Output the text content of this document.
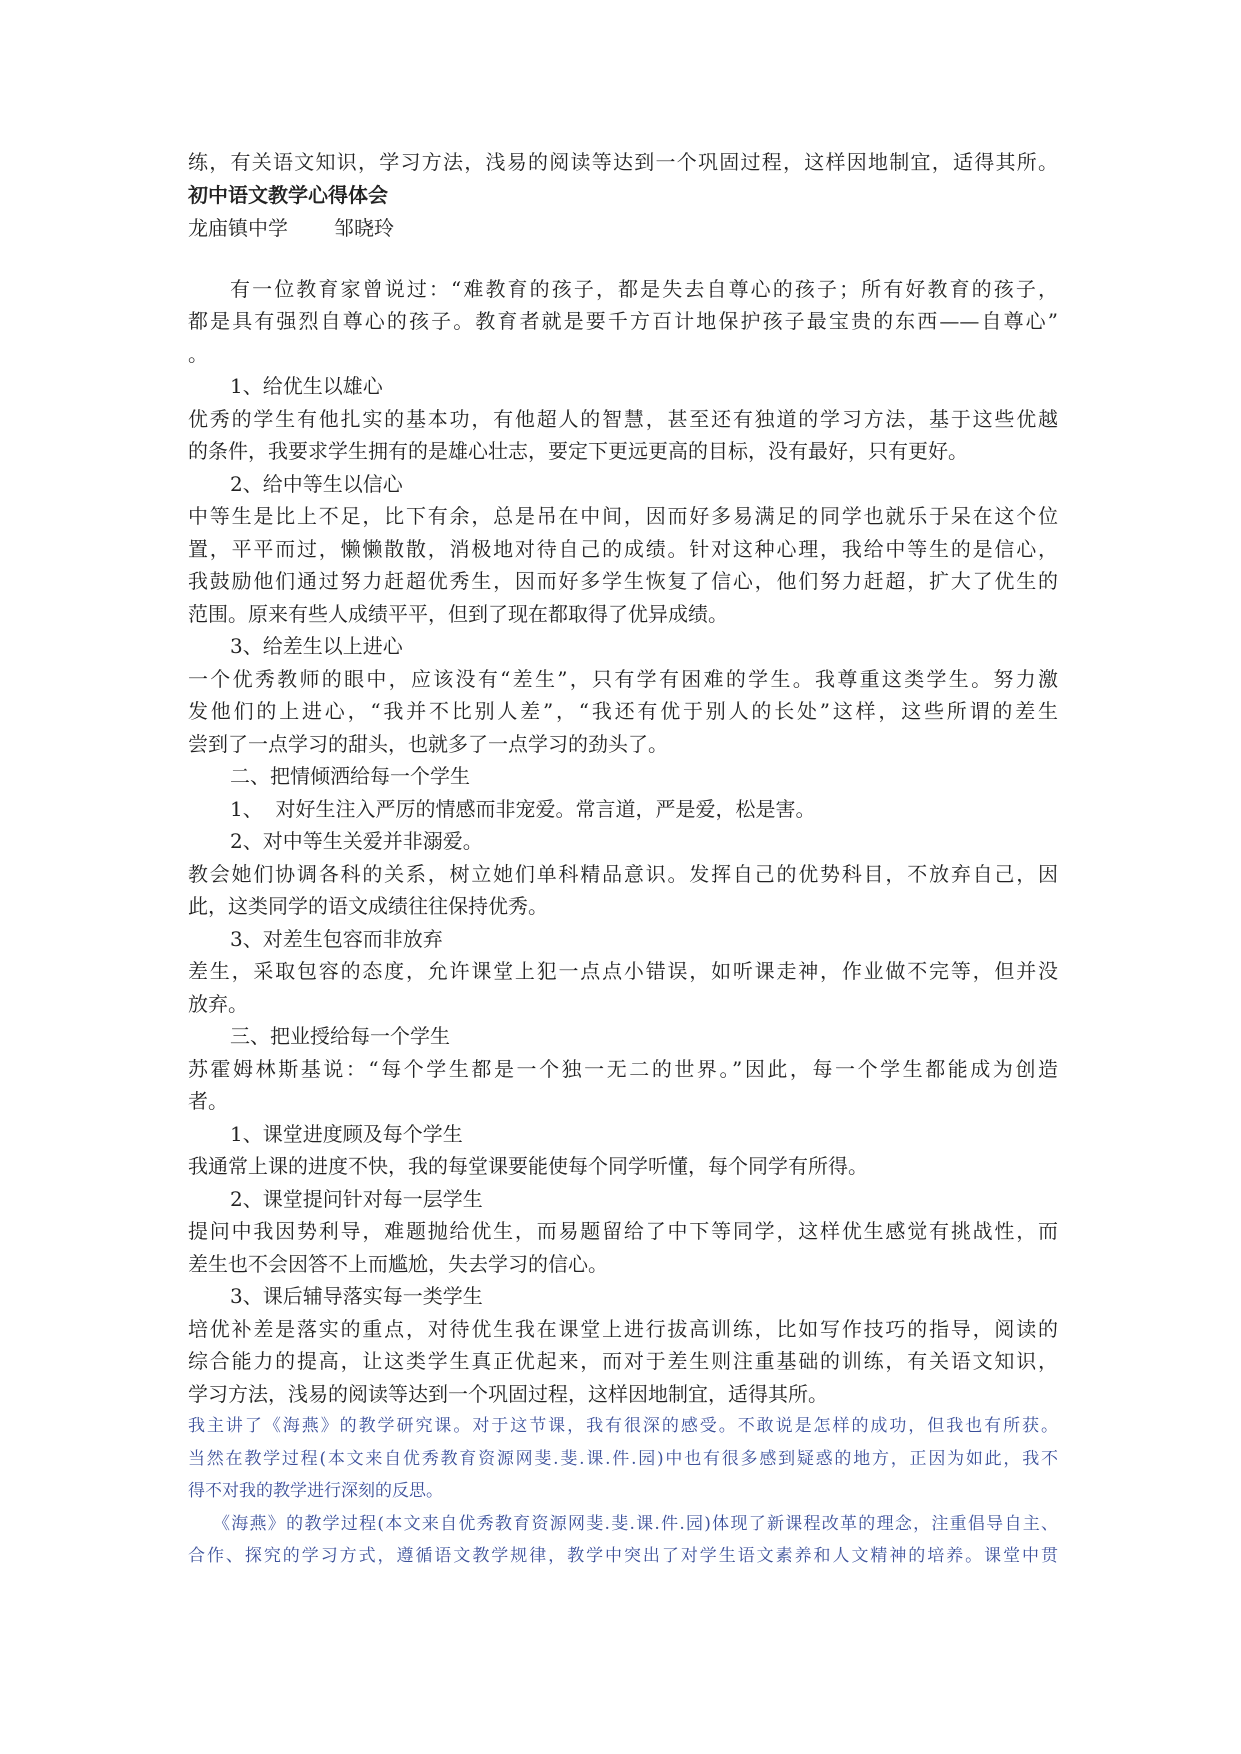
练，有关语文知识，学习方法，浅易的阅读等达到一个巩固过程，这样因地制宜，适得其所。
初中语文教学心得体会
龙庙镇中学 邹晓玲
有一位教育家曾说过：“难教育的孩子，都是失去自尊心的孩子；所有好教育的孩子，
都是具有强烈自尊心的孩子。教育者就是要千方百计地保护孩子最宝贵的东西——自尊心”
。
1、给优生以雄心
优秀的学生有他扎实的基本功，有他超人的智慧，甚至还有独道的学习方法，基于这些优越
的条件，我要求学生拥有的是雄心壮志，要定下更远更高的目标，没有最好，只有更好。
2、给中等生以信心
中等生是比上不足，比下有余，总是吊在中间，因而好多易满足的同学也就乐于呆在这个位
置，平平而过，懒懒散散，消极地对待自己的成绩。针对这种心理，我给中等生的是信心，
我鼓励他们通过努力赶超优秀生，因而好多学生恢复了信心，他们努力赶超，扩大了优生的
范围。原来有些人成绩平平，但到了现在都取得了优异成绩。
3、给差生以上进心
一个优秀教师的眼中，应该没有“差生”，只有学有困难的学生。我尊重这类学生。努力激
发他们的上进心，“我并不比别人差”，“我还有优于别人的长处”这样，这些所谓的差生
尝到了一点学习的甜头，也就多了一点学习的劲头了。
二、把情倾洒给每一个学生
1、  对好生注入严厉的情感而非宠爱。常言道，严是爱，松是害。
2、对中等生关爱并非溺爱。
教会她们协调各科的关系，树立她们单科精品意识。发挥自己的优势科目，不放弃自己，因
此，这类同学的语文成绩往往保持优秀。
3、对差生包容而非放弃
差生，采取包容的态度，允许课堂上犯一点点小错误，如听课走神，作业做不完等，但并没
放弃。
三、把业授给每一个学生
苏霍姆林斯基说：“每个学生都是一个独一无二的世界。”因此，每一个学生都能成为创造
者。
1、课堂进度顾及每个学生
我通常上课的进度不快，我的每堂课要能使每个同学听懂，每个同学有所得。
2、课堂提问针对每一层学生
提问中我因势利导，难题抛给优生，而易题留给了中下等同学，这样优生感觉有挑战性，而
差生也不会因答不上而尴尬，失去学习的信心。
3、课后辅导落实每一类学生
培优补差是落实的重点，对待优生我在课堂上进行拔高训练，比如写作技巧的指导，阅读的
综合能力的提高，让这类学生真正优起来，而对于差生则注重基础的训练，有关语文知识，
学习方法，浅易的阅读等达到一个巩固过程，这样因地制宜，适得其所。
我主讲了《海燕》的教学研究课。对于这节课，我有很深的感受。不敢说是怎样的成功，但我也有所获。
当然在教学过程(本文来自优秀教育资源网斐.斐.课.件.园)中也有很多感到疑惑的地方，正因为如此，我不
得不对我的教学进行深刻的反思。
《海燕》的教学过程(本文来自优秀教育资源网斐.斐.课.件.园)体现了新课程改革的理念，注重倡导自主、
合作、探究的学习方式，遵循语文教学规律，教学中突出了对学生语文素养和人文精神的培养。课堂中贯
